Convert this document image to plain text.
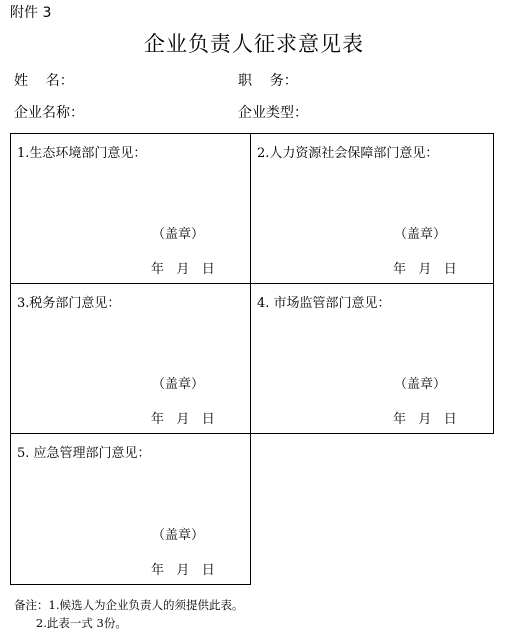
附件 3
企业负责人征求意见表
姓    名：	职    务：
企业名称：	企业类型：
1.生态环境部门意见：
（盖章）
年   月   日
2.人力资源社会保障部门意见：
（盖章）
年   月   日
3.税务部门意见：
（盖章）
年   月   日
4. 市场监管部门意见：
（盖章）
年   月   日
5. 应急管理部门意见：
（盖章）
年   月   日
备注：1.候选人为企业负责人的须提供此表。
2.此表一式 3份。
